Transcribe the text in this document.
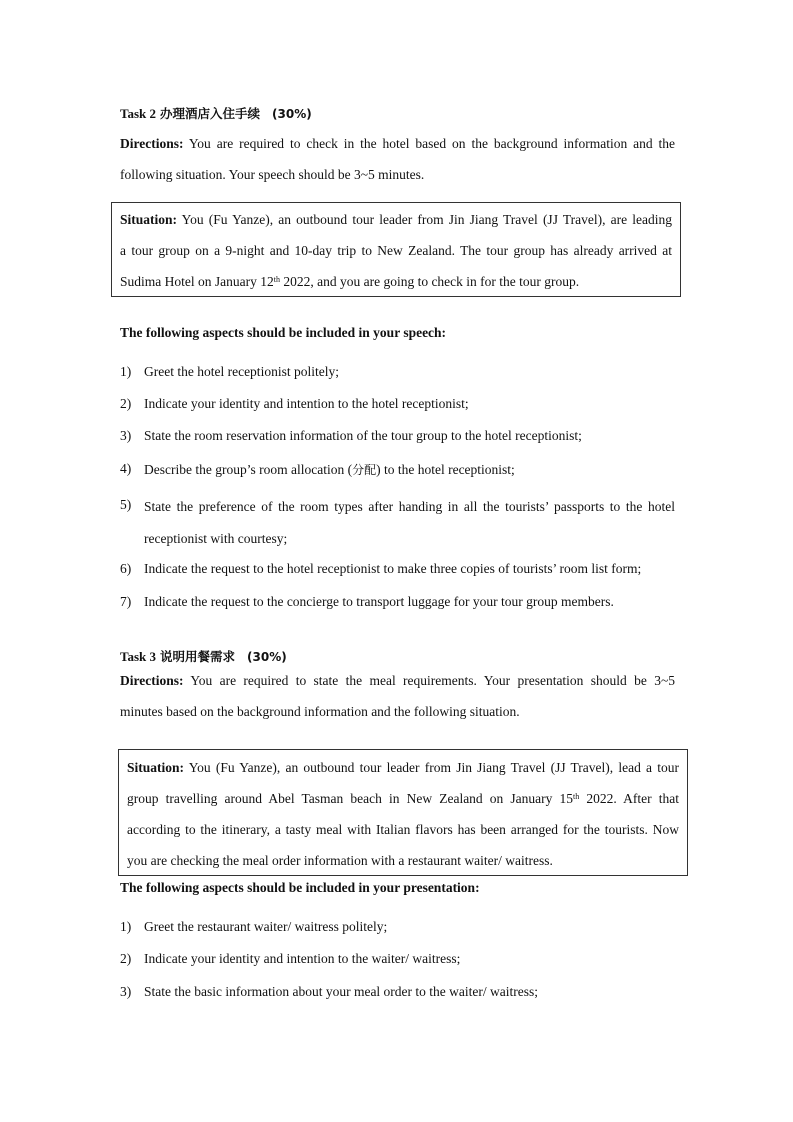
Task 2 办理酒店入住手续 (30%)

Directions: You are required to check in the hotel based on the background information and the

following situation. Your speech should be 3~5 minutes.

Situation: You (Fu Yanze), an outbound tour leader from Jin Jiang Travel (JJ Travel), are leading

a tour group on a 9-night and 10-day trip to New Zealand. The tour group has already arrived at

Sudima Hotel on January 12th 2022, and you are going to check in for the tour group.

The following aspects should be included in your speech:
1) Greet the hotel receptionist politely;
2) Indicate your identity and intention to the hotel receptionist;
3) State the room reservation information of the tour group to the hotel receptionist;
4) Describe the group’s room allocation (分配) to the hotel receptionist;
5) State the preference of the room types after handing in all the tourists’ passports to the hotel
receptionist with courtesy;
6) Indicate the request to the hotel receptionist to make three copies of tourists’ room list form;
7) Indicate the request to the concierge to transport luggage for your tour group members.
Task 3 说明用餐需求 (30%)

Directions: You are required to state the meal requirements. Your presentation should be 3~5

minutes based on the background information and the following situation.

Situation: You (Fu Yanze), an outbound tour leader from Jin Jiang Travel (JJ Travel), lead a tour

group travelling around Abel Tasman beach in New Zealand on January 15th 2022. After that

according to the itinerary, a tasty meal with Italian flavors has been arranged for the tourists. Now

you are checking the meal order information with a restaurant waiter/ waitress.

The following aspects should be included in your presentation:
1) Greet the restaurant waiter/ waitress politely;
2) Indicate your identity and intention to the waiter/ waitress;
3) State the basic information about your meal order to the waiter/ waitress;
